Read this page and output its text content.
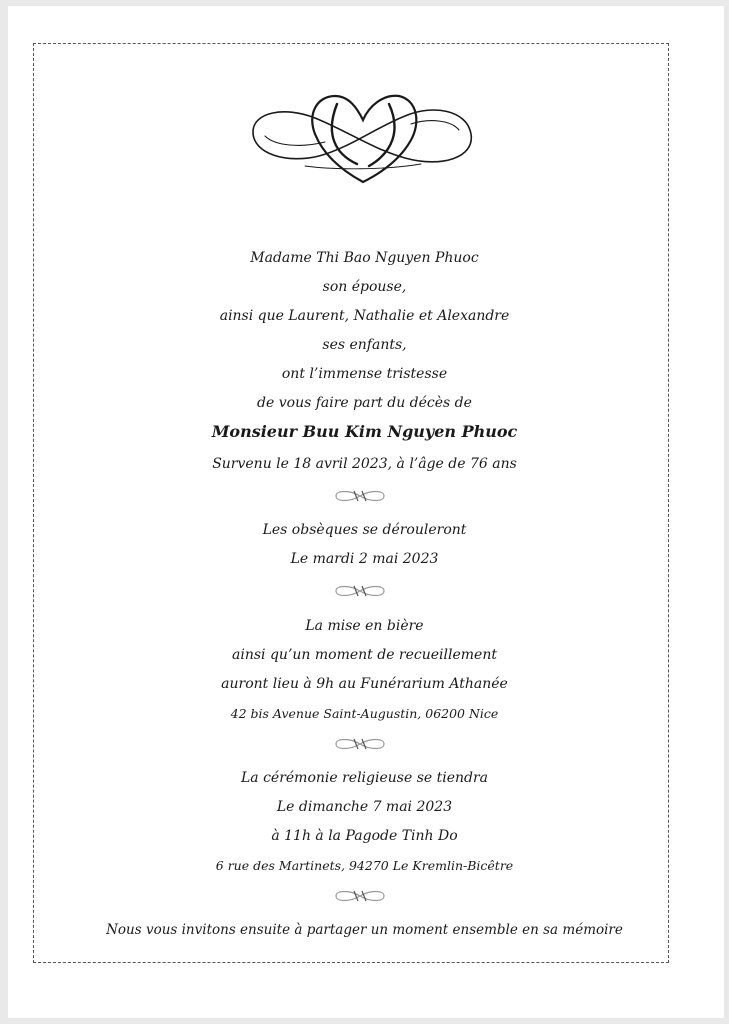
Madame Thi Bao Nguyen Phuoc
son épouse,
ainsi que Laurent, Nathalie et Alexandre
ses enfants,
ont l’immense tristesse
de vous faire part du décès de
Monsieur Buu Kim Nguyen Phuoc
Survenu le 18 avril 2023, à l’âge de 76 ans
Les obsèques se dérouleront
Le mardi 2 mai 2023
La mise en bière
ainsi qu’un moment de recueillement
auront lieu à 9h au Funérarium Athanée
42 bis Avenue Saint-Augustin, 06200 Nice
La cérémonie religieuse se tiendra
Le dimanche 7 mai 2023
à 11h à la Pagode Tinh Do
6 rue des Martinets, 94270 Le Kremlin-Bicêtre
Nous vous invitons ensuite à partager un moment ensemble en sa mémoire
